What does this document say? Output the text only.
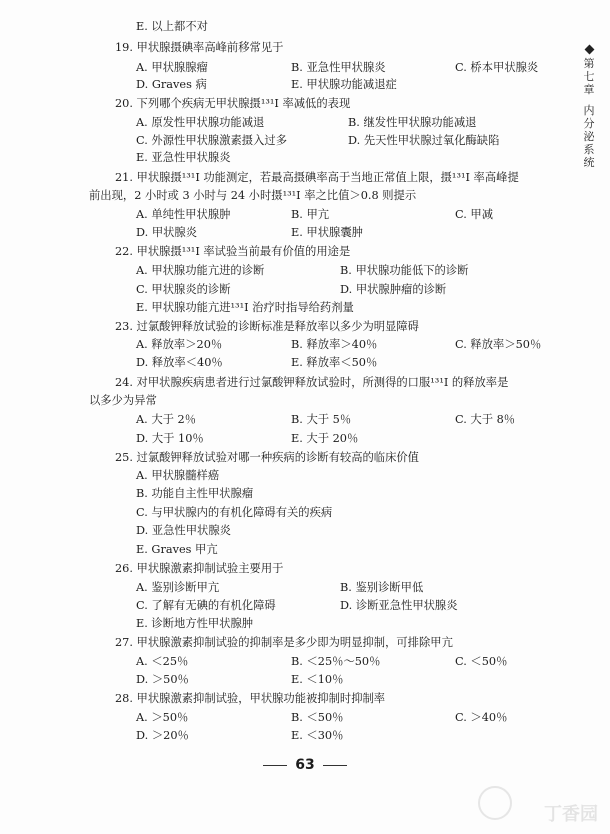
E. 以上都不对
19. 甲状腺摄碘率高峰前移常见于
A. 甲状腺腺瘤	B. 亚急性甲状腺炎	C. 桥本甲状腺炎
D. Graves 病	E. 甲状腺功能减退症
20. 下列哪个疾病无甲状腺摄¹³¹I 率减低的表现
A. 原发性甲状腺功能减退	B. 继发性甲状腺功能减退
C. 外源性甲状腺激素摄入过多	D. 先天性甲状腺过氧化酶缺陷
E. 亚急性甲状腺炎
21. 甲状腺摄¹³¹I 功能测定，若最高摄碘率高于当地正常值上限，摄¹³¹I 率高峰提
前出现，2 小时或 3 小时与 24 小时摄¹³¹I 率之比值＞0.8 则提示
A. 单纯性甲状腺肿	B. 甲亢	C. 甲减
D. 甲状腺炎	E. 甲状腺囊肿
22. 甲状腺摄¹³¹I 率试验当前最有价值的用途是
A. 甲状腺功能亢进的诊断	B. 甲状腺功能低下的诊断
C. 甲状腺炎的诊断	D. 甲状腺肿瘤的诊断
E. 甲状腺功能亢进¹³¹I 治疗时指导给药剂量
23. 过氯酸钾释放试验的诊断标准是释放率以多少为明显障碍
A. 释放率＞20％	B. 释放率＞40％	C. 释放率＞50％
D. 释放率＜40％	E. 释放率＜50％
24. 对甲状腺疾病患者进行过氯酸钾释放试验时，所测得的口服¹³¹I 的释放率是
以多少为异常
A. 大于 2％	B. 大于 5％	C. 大于 8％
D. 大于 10％	E. 大于 20％
25. 过氯酸钾释放试验对哪一种疾病的诊断有较高的临床价值
A. 甲状腺髓样癌
B. 功能自主性甲状腺瘤
C. 与甲状腺内的有机化障碍有关的疾病
D. 亚急性甲状腺炎
E. Graves 甲亢
26. 甲状腺激素抑制试验主要用于
A. 鉴别诊断甲亢	B. 鉴别诊断甲低
C. 了解有无碘的有机化障碍	D. 诊断亚急性甲状腺炎
E. 诊断地方性甲状腺肿
27. 甲状腺激素抑制试验的抑制率是多少即为明显抑制，可排除甲亢
A. ＜25％	B. ＜25％～50％	C. ＜50％
D. ＞50％	E. ＜10％
28. 甲状腺激素抑制试验，甲状腺功能被抑制时抑制率
A. ＞50％	B. ＜50％	C. ＞40％
D. ＞20％	E. ＜30％
第
七
章
内
分
泌
系
统
63
丁香园
